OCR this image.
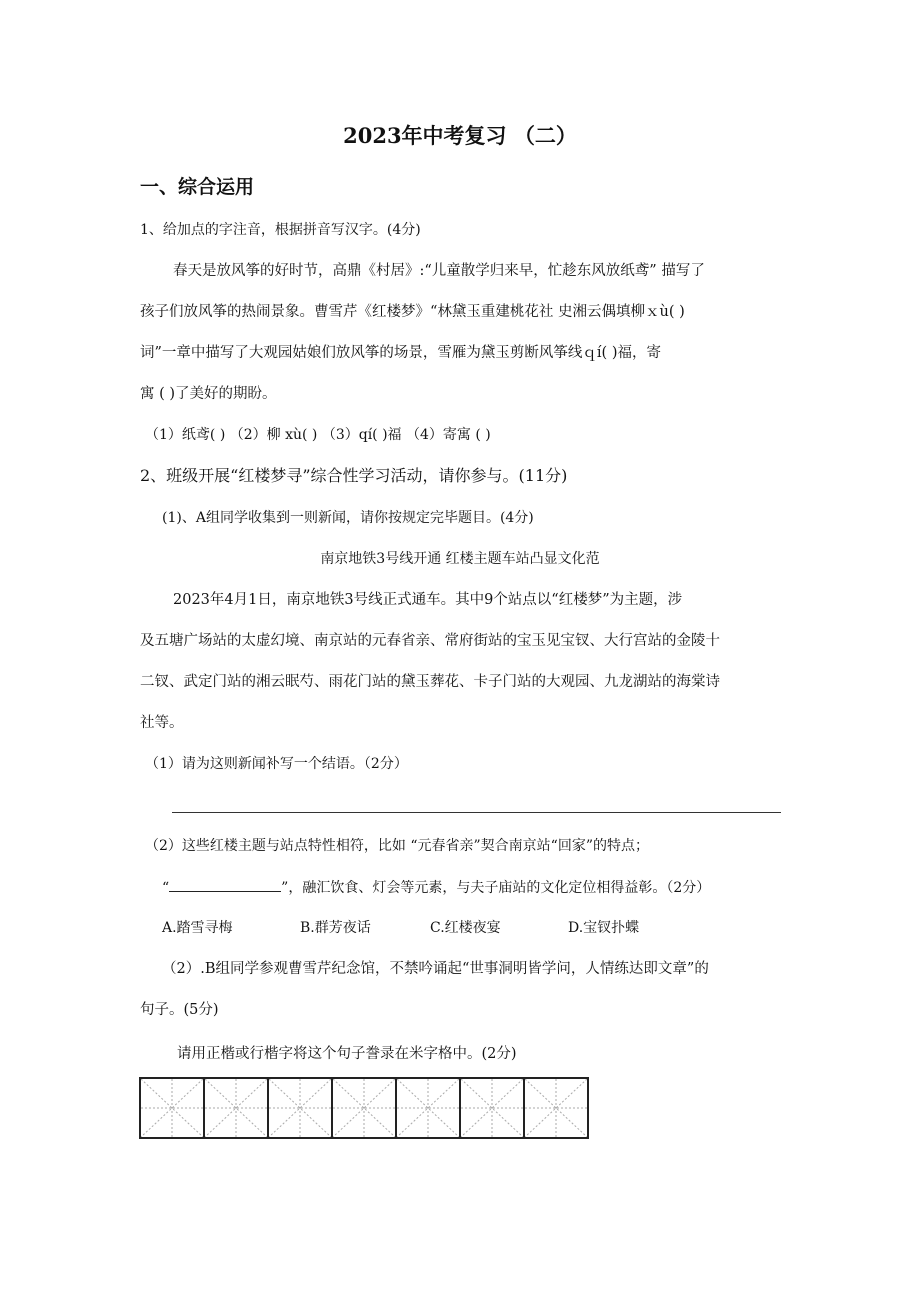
2023年中考复习 （二）
一、综合运用
1、给加点的字注音，根据拼音写汉字。(4分)
春天是放风筝的好时节，高鼎《村居》:“儿童散学归来早，忙趁东风放纸鸢” 描写了
孩子们放风筝的热闹景象。曹雪芹《红楼梦》“林黛玉重建桃花社 史湘云偶填柳ｘù( )
词”一章中描写了大观园姑娘们放风筝的场景，雪雁为黛玉剪断风筝线ｑí( )福，寄
寓 ( )了美好的期盼。
（1）纸鸢( ) （2）柳 xù( ) （3）qí( )福 （4）寄寓 ( )
2、班级开展“红楼梦寻”综合性学习活动，请你参与。(11分)
(1)、A组同学收集到一则新闻，请你按规定完毕题目。(4分)
南京地铁3号线开通 红楼主题车站凸显文化范
2023年4月1日，南京地铁3号线正式通车。其中9个站点以“红楼梦”为主题，涉
及五塘广场站的太虚幻境、南京站的元春省亲、常府街站的宝玉见宝钗、大行宫站的金陵十
二钗、武定门站的湘云眠芍、雨花门站的黛玉葬花、卡子门站的大观园、九龙湖站的海棠诗
社等。
（1）请为这则新闻补写一个结语。（2分）
（2）这些红楼主题与站点特性相符，比如 “元春省亲”契合南京站“回家”的特点；
“	”，融汇饮食、灯会等元素，与夫子庙站的文化定位相得益彰。（2分）
A.踏雪寻梅	B.群芳夜话	C.红楼夜宴	D.宝钗扑蝶
（2）.B组同学参观曹雪芹纪念馆，不禁吟诵起“世事洞明皆学问，人情练达即文章”的
句子。(5分)
请用正楷或行楷字将这个句子誊录在米字格中。(2分)
